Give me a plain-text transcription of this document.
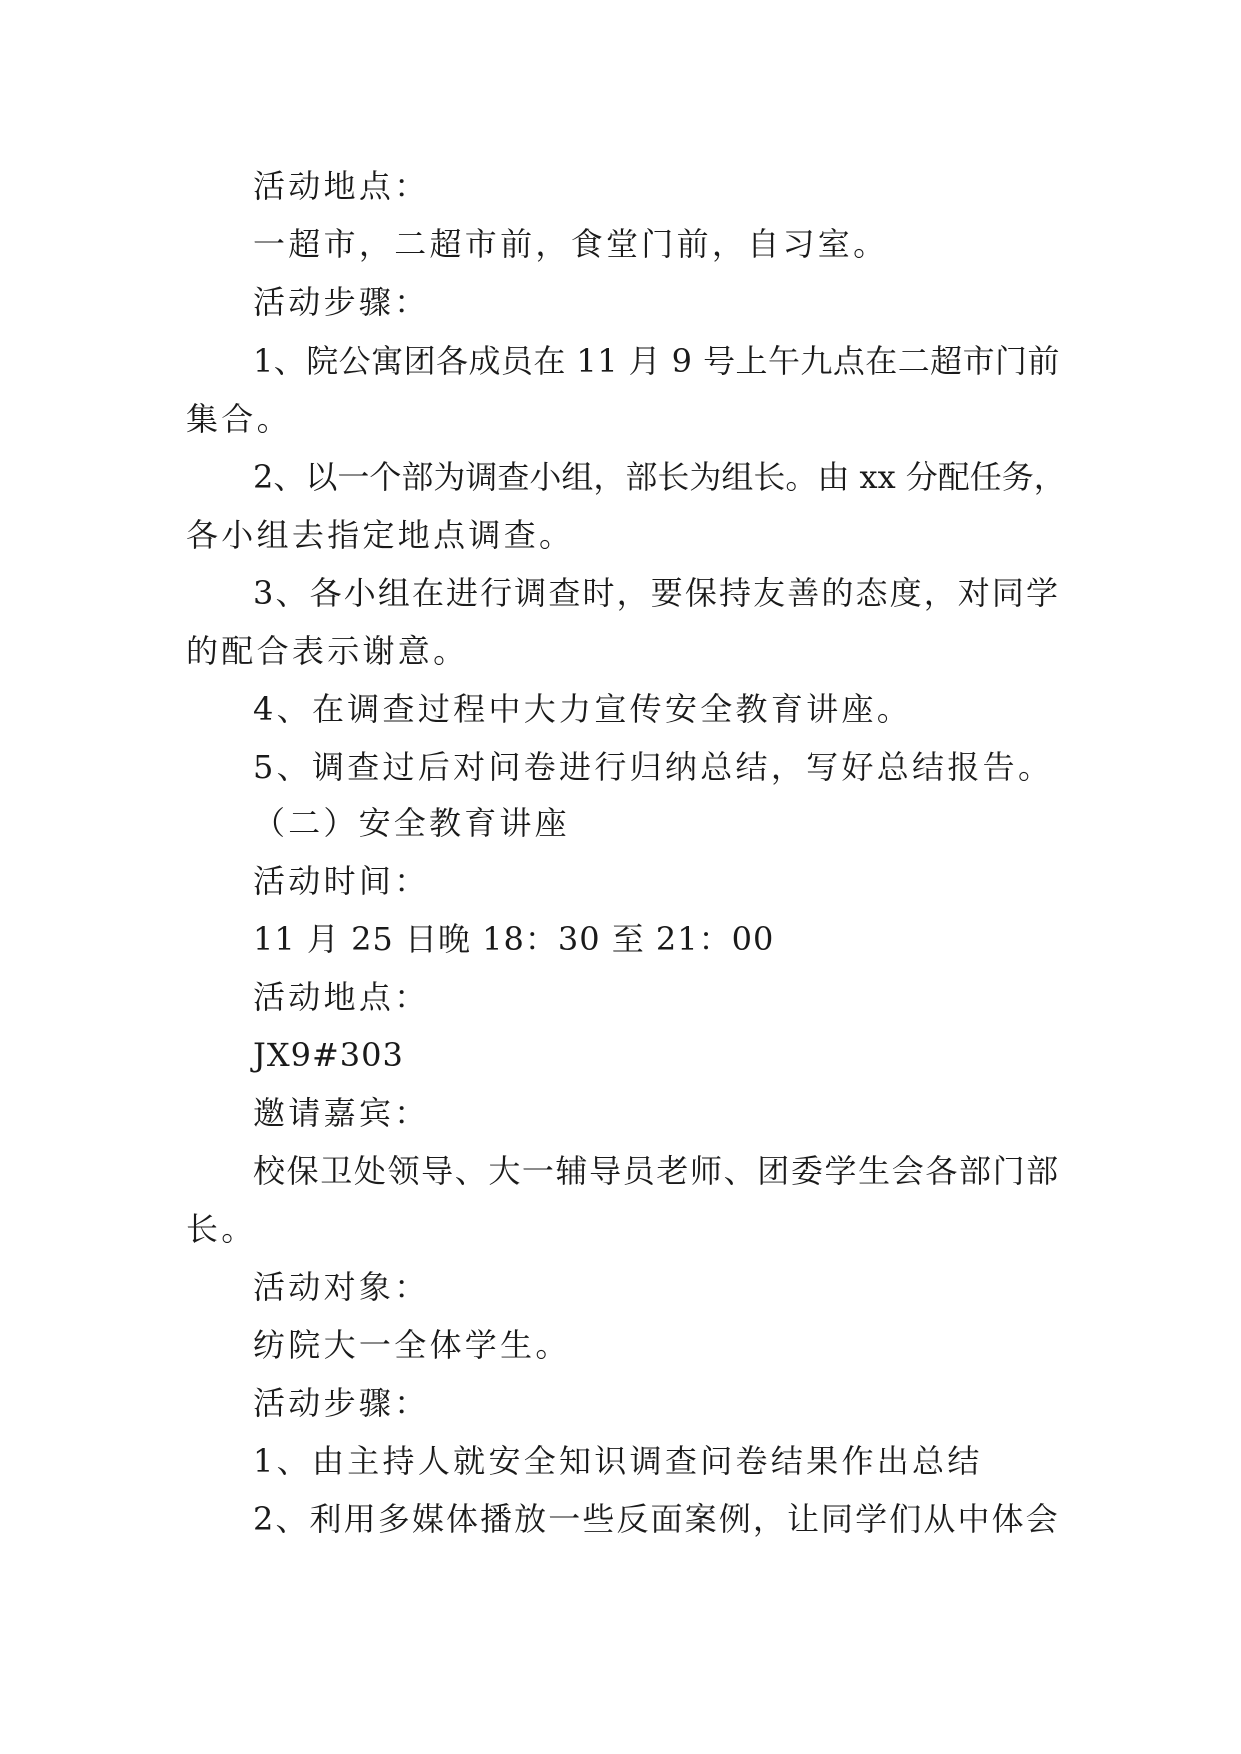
活动地点：
一超市，二超市前，食堂门前，自习室。
活动步骤：
1、院公寓团各成员在 11 月 9 号上午九点在二超市门前
集合。
2、以一个部为调查小组，部长为组长。由 xx 分配任务，
各小组去指定地点调查。
3、各小组在进行调查时，要保持友善的态度，对同学
的配合表示谢意。
4、在调查过程中大力宣传安全教育讲座。
5、调查过后对问卷进行归纳总结，写好总结报告。
（二）安全教育讲座
活动时间：
11 月 25 日晚 18：30 至 21：00
活动地点：
JX9#303
邀请嘉宾：
校保卫处领导、大一辅导员老师、团委学生会各部门部
长。
活动对象：
纺院大一全体学生。
活动步骤：
1、由主持人就安全知识调查问卷结果作出总结
2、利用多媒体播放一些反面案例，让同学们从中体会
